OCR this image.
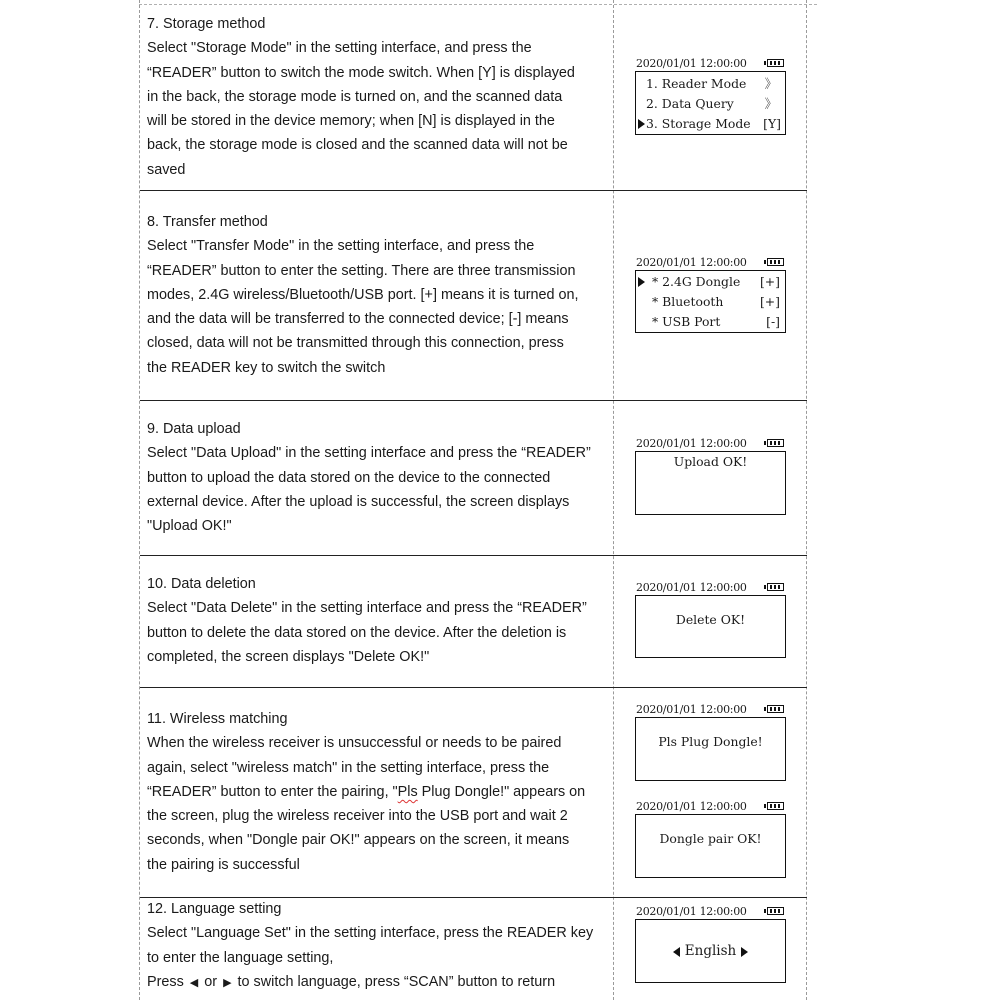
7. Storage method
Select "Storage Mode" in the setting interface, and press the
“READER” button to switch the mode switch. When [Y] is displayed
in the back, the storage mode is turned on, and the scanned data
will be stored in the device memory; when [N] is displayed in the
back, the storage mode is closed and the scanned data will not be
saved
8. Transfer method
Select "Transfer Mode" in the setting interface, and press the
“READER” button to enter the setting. There are three transmission
modes, 2.4G wireless/Bluetooth/USB port. [+] means it is turned on,
and the data will be transferred to the connected device; [-] means
closed, data will not be transmitted through this connection, press
the READER key to switch the switch
9. Data upload
Select "Data Upload" in the setting interface and press the “READER”
button to upload the data stored on the device to the connected
external device. After the upload is successful, the screen displays
"Upload OK!"
10. Data deletion
Select "Data Delete" in the setting interface and press the “READER”
button to delete the data stored on the device. After the deletion is
completed, the screen displays "Delete OK!"
11. Wireless matching
When the wireless receiver is unsuccessful or needs to be paired
again, select "wireless match" in the setting interface, press the
“READER” button to enter the pairing, "Pls Plug Dongle!" appears on
the screen, plug the wireless receiver into the USB port and wait 2
seconds, when "Dongle pair OK!" appears on the screen, it means
the pairing is successful
12. Language setting
Select "Language Set" in the setting interface, press the READER key
to enter the language setting,
Press ◀ or ▶ to switch language, press “SCAN” button to return
2020/01/01 12:00:00
1. Reader Mode 》
2. Data Query 》
3. Storage Mode [Y]
2020/01/01 12:00:00
* 2.4G Dongle [+]
* Bluetooth	[+]
* USB Port	[-]
2020/01/01 12:00:00
Upload OK!
2020/01/01 12:00:00
Delete OK!
2020/01/01 12:00:00
Pls Plug Dongle!
2020/01/01 12:00:00
Dongle pair OK!
2020/01/01 12:00:00
English
